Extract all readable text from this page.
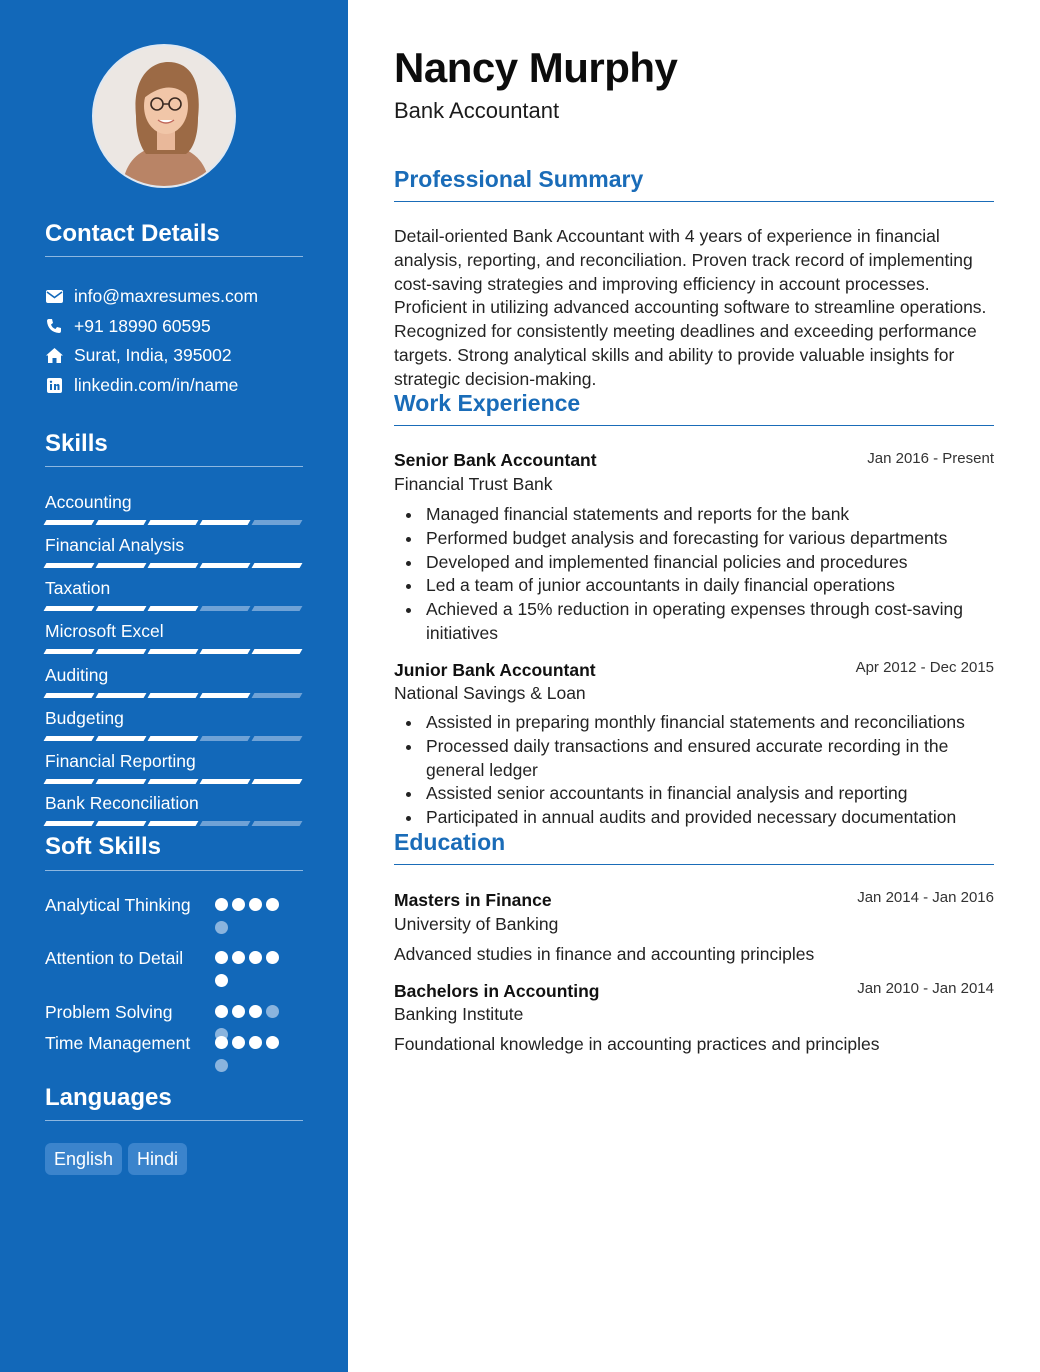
Contact Details
info@maxresumes.com
+91 18990 60595
Surat, India, 395002
linkedin.com/in/name
Skills
Accounting
Financial Analysis
Taxation
Microsoft Excel
Auditing
Budgeting
Financial Reporting
Bank Reconciliation
Soft Skills
Analytical Thinking
Attention to Detail
Problem Solving
Time Management
Languages
English	Hindi
Nancy Murphy
Bank Accountant
Professional Summary
Detail-oriented Bank Accountant with 4 years of experience in financial analysis, reporting, and reconciliation. Proven track record of implementing cost-saving strategies and improving efficiency in account processes. Proficient in utilizing advanced accounting software to streamline operations. Recognized for consistently meeting deadlines and exceeding performance targets. Strong analytical skills and ability to provide valuable insights for strategic decision-making.
Work Experience
Senior Bank Accountant	Jan 2016 - Present
Financial Trust Bank
Managed financial statements and reports for the bank
Performed budget analysis and forecasting for various departments
Developed and implemented financial policies and procedures
Led a team of junior accountants in daily financial operations
Achieved a 15% reduction in operating expenses through cost-saving initiatives
Junior Bank Accountant	Apr 2012 - Dec 2015
National Savings & Loan
Assisted in preparing monthly financial statements and reconciliations
Processed daily transactions and ensured accurate recording in the general ledger
Assisted senior accountants in financial analysis and reporting
Participated in annual audits and provided necessary documentation
Education
Masters in Finance	Jan 2014 - Jan 2016
University of Banking
Advanced studies in finance and accounting principles
Bachelors in Accounting	Jan 2010 - Jan 2014
Banking Institute
Foundational knowledge in accounting practices and principles
